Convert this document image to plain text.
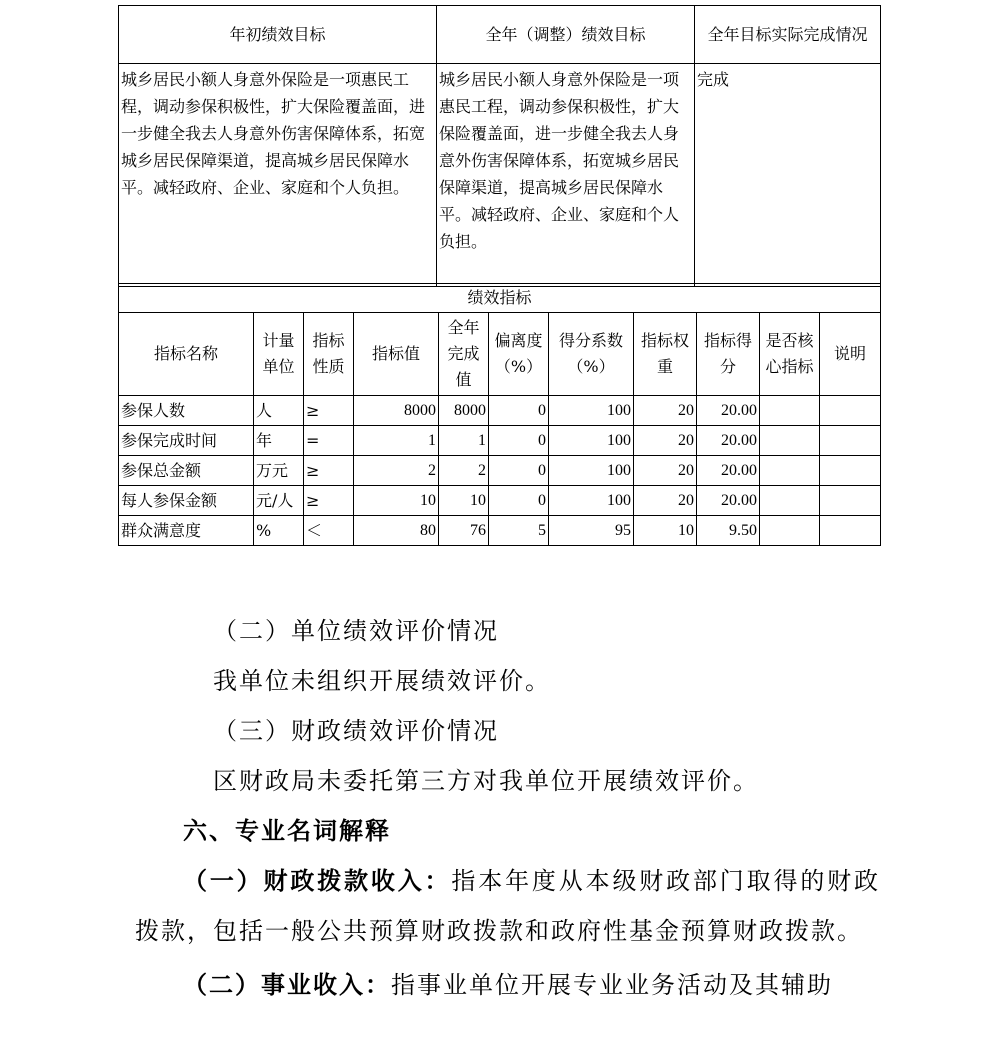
年初绩效目标	全年（调整）绩效目标	全年目标实际完成情况
城乡居民小额人身意外保险是一项惠民工程，调动参保积极性，扩大保险覆盖面，进一步健全我去人身意外伤害保障体系，拓宽城乡居民保障渠道，提高城乡居民保障水平。减轻政府、企业、家庭和个人负担。	城乡居民小额人身意外保险是一项惠民工程，调动参保积极性，扩大保险覆盖面，进一步健全我去人身意外伤害保障体系，拓宽城乡居民保障渠道，提高城乡居民保障水平。减轻政府、企业、家庭和个人负担。	完成
绩效指标										
指标名称	计量单位	指标性质	指标值	全年完成值	偏离度（%）	得分系数（%）	指标权重	指标得分	是否核心指标	说明
参保人数	人	≥	8000	8000	0	100	20	20.00		
参保完成时间	年	=	1	1	0	100	20	20.00		
参保总金额	万元	≥	2	2	0	100	20	20.00		
每人参保金额	元/人	≥	10	10	0	100	20	20.00		
群众满意度	%	＜	80	76	5	95	10	9.50		

（二）单位绩效评价情况

我单位未组织开展绩效评价。

（三）财政绩效评价情况

区财政局未委托第三方对我单位开展绩效评价。

六、专业名词解释

（一）财政拨款收入：指本年度从本级财政部门取得的财政拨款，包括一般公共预算财政拨款和政府性基金预算财政拨款。

（二）事业收入：指事业单位开展专业业务活动及其辅助
